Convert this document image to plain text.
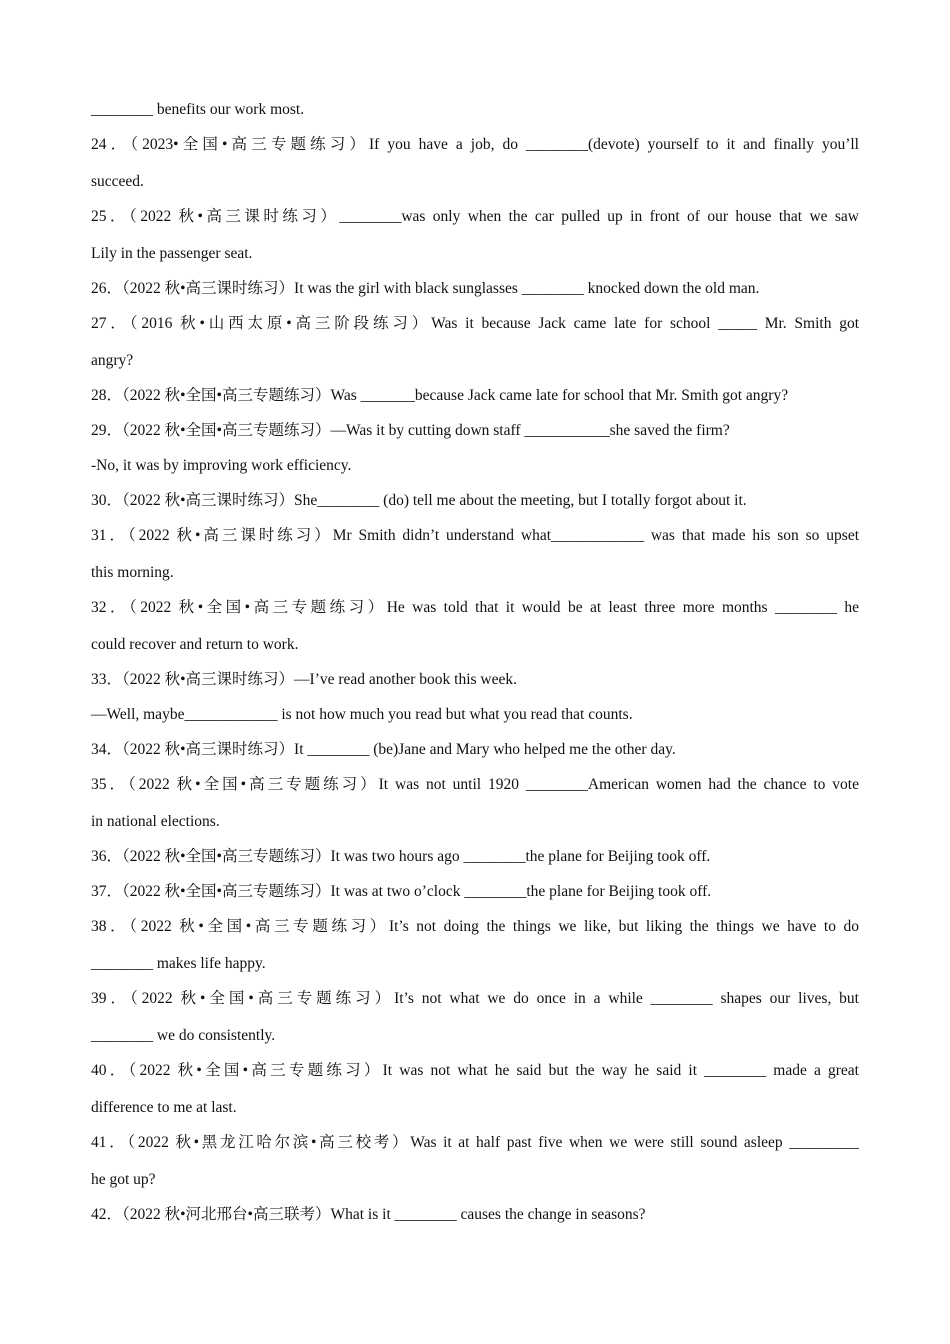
________ benefits our work most.
24．（2023•全国•高三专题练习）If you have a job, do ________(devote) yourself to it and finally you’ll
succeed.
25．（2022 秋•高三课时练习）________was only when the car pulled up in front of our house that we saw
Lily in the passenger seat.
26．（2022 秋•高三课时练习）It was the girl with black sunglasses ________ knocked down the old man.
27．（2016 秋•山西太原•高三阶段练习）Was it because Jack came late for school _____ Mr. Smith got
angry?
28．（2022 秋•全国•高三专题练习）Was _______because Jack came late for school that Mr. Smith got angry?
29．（2022 秋•全国•高三专题练习）—Was it by cutting down staff ___________she saved the firm?
-No, it was by improving work efficiency.
30．（2022 秋•高三课时练习）She________ (do) tell me about the meeting, but I totally forgot about it.
31．（2022 秋•高三课时练习）Mr Smith didn’t understand what____________ was that made his son so upset
this morning.
32．（2022 秋•全国•高三专题练习）He was told that it would be at least three more months ________ he
could recover and return to work.
33．（2022 秋•高三课时练习）—I’ve read another book this week.
—Well, maybe____________ is not how much you read but what you read that counts.
34．（2022 秋•高三课时练习）It ________ (be)Jane and Mary who helped me the other day.
35．（2022 秋•全国•高三专题练习）It was not until 1920 ________American women had the chance to vote
in national elections.
36．（2022 秋•全国•高三专题练习）It was two hours ago ________the plane for Beijing took off.
37．（2022 秋•全国•高三专题练习）It was at two o’clock ________the plane for Beijing took off.
38．（2022 秋•全国•高三专题练习）It’s not doing the things we like, but liking the things we have to do
________ makes life happy.
39．（2022 秋•全国•高三专题练习）It’s not what we do once in a while ________ shapes our lives, but
________ we do consistently.
40．（2022 秋•全国•高三专题练习）It was not what he said but the way he said it ________ made a great
difference to me at last.
41．（2022 秋•黑龙江哈尔滨•高三校考）Was it at half past five when we were still sound asleep _________
he got up?
42．（2022 秋•河北邢台•高三联考）What is it ________ causes the change in seasons?
